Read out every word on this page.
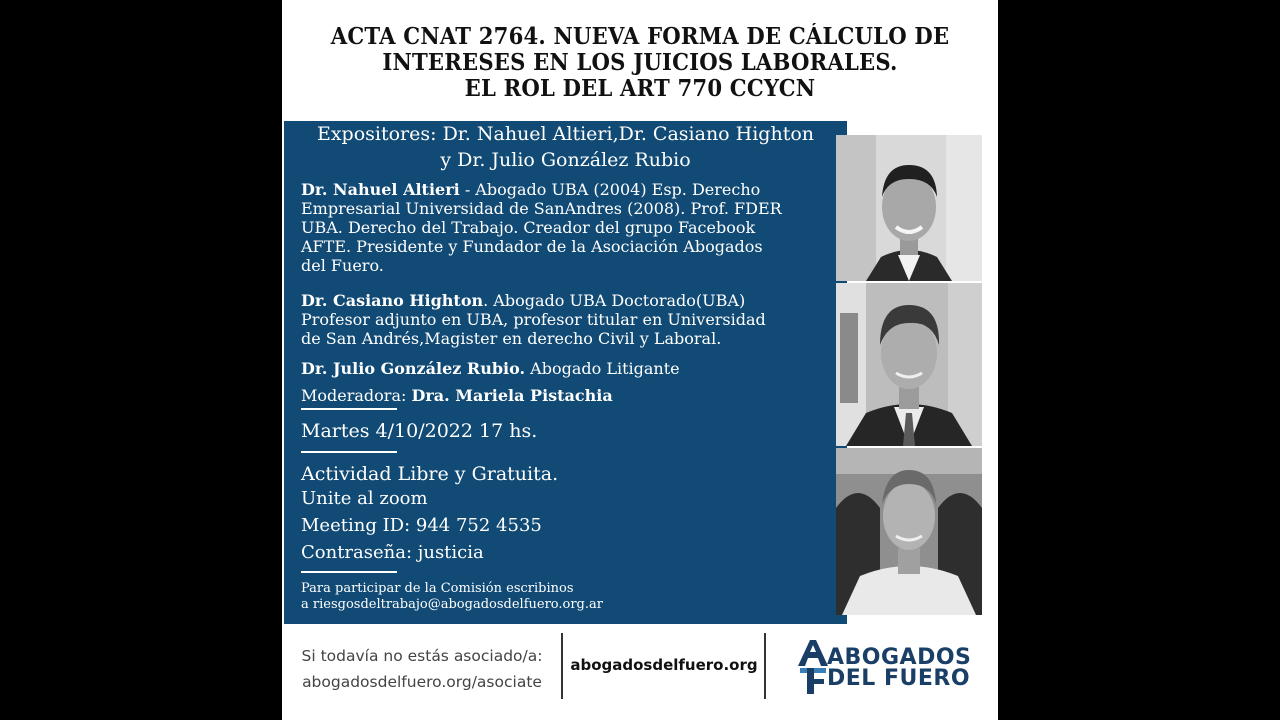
ACTA CNAT 2764. NUEVA FORMA DE CÁLCULO DE
INTERESES EN LOS JUICIOS LABORALES.
EL ROL DEL ART 770 CCYCN
Expositores: Dr. Nahuel Altieri,Dr. Casiano Highton
y Dr. Julio González Rubio
Dr. Nahuel Altieri - Abogado UBA (2004) Esp. Derecho
Empresarial Universidad de SanAndres (2008). Prof. FDER
UBA. Derecho del Trabajo. Creador del grupo Facebook
AFTE. Presidente y Fundador de la Asociación Abogados
del Fuero.
Dr. Casiano Highton. Abogado UBA Doctorado(UBA)
Profesor adjunto en UBA, profesor titular en Universidad
de San Andrés,Magister en derecho Civil y Laboral.
Dr. Julio González Rubio. Abogado Litigante
Moderadora: Dra. Mariela Pistachia
Martes 4/10/2022 17 hs.
Actividad Libre y Gratuita.
Unite al zoom
Meeting ID: 944 752 4535
Contraseña: justicia
Para participar de la Comisión escribinos
a riesgosdeltrabajo@abogadosdelfuero.org.ar
Si todavía no estás asociado/a:
abogadosdelfuero.org/asociate
abogadosdelfuero.org	ABOGADOS
DEL FUERO
